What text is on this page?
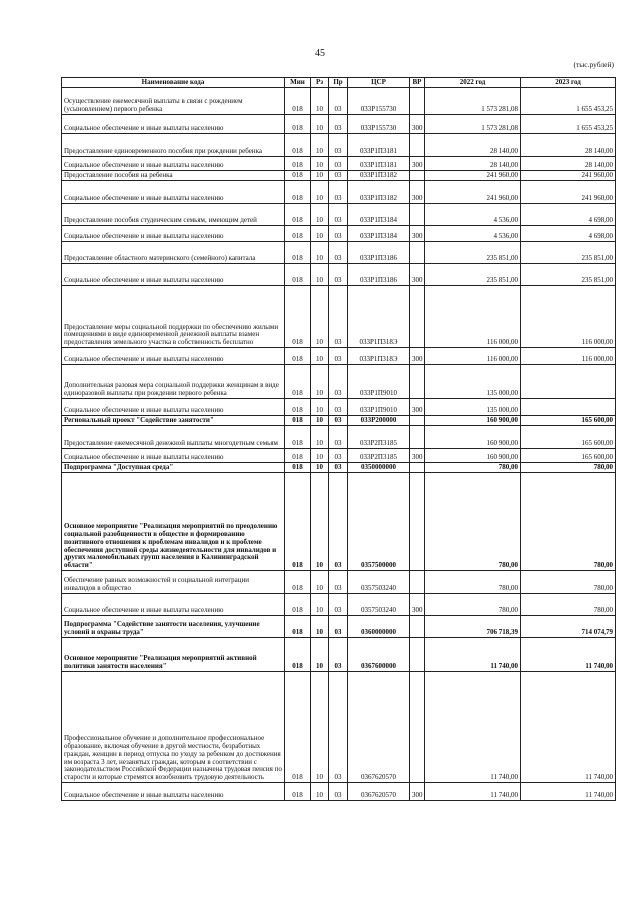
45
(тыс.рублей)
Наименование кода	Мин	Рз	Пр	ЦСР	ВР	2022 год	2023 год
Осуществление ежемесячной выплаты в связи с рождением (усыновлением) первого ребенка	018	10	03	033P155730		1 573 281,08	1 655 453,25
Социальное обеспечение и иные выплаты населению	018	10	03	033P155730	300	1 573 281,08	1 655 453,25
Предоставление единовременного пособия при рождении ребенка	018	10	03	033P1П3181		28 140,00	28 140,00
Социальное обеспечение и иные выплаты населению	018	10	03	033P1П3181	300	28 140,00	28 140,00
Предоставление пособия на ребенка	018	10	03	033P1П3182		241 960,00	241 960,00
Социальное обеспечение и иные выплаты населению	018	10	03	033P1П3182	300	241 960,00	241 960,00
Предоставление пособия студенческим семьям, имеющим детей	018	10	03	033P1П3184		4 536,00	4 698,00
Социальное обеспечение и иные выплаты населению	018	10	03	033P1П3184	300	4 536,00	4 698,00
Предоставление областного материнского (семейного) капитала	018	10	03	033P1П3186		235 851,00	235 851,00
Социальное обеспечение и иные выплаты населению	018	10	03	033P1П3186	300	235 851,00	235 851,00
Предоставление меры социальной поддержки по обеспечению жилыми помещениями в виде единовременной денежной выплаты взамен предоставления земельного участка в собственность бесплатно	018	10	03	033P1П318Э		116 000,00	116 000,00
Социальное обеспечение и иные выплаты населению	018	10	03	033P1П318Э	300	116 000,00	116 000,00
Дополнительная разовая мера социальной поддержки женщинам в виде единоразовой выплаты при рождении первого ребенка	018	10	03	033P1П9010		135 000,00	
Социальное обеспечение и иные выплаты населению	018	10	03	033P1П9010	300	135 000,00	
Региональный проект "Содействие занятости"	018	10	03	033P200000		160 900,00	165 600,00
Предоставление ежемесячной денежной выплаты многодетным семьям	018	10	03	033P2П3185		160 900,00	165 600,00
Социальное обеспечение и иные выплаты населению	018	10	03	033P2П3185	300	160 900,00	165 600,00
Подпрограмма "Доступная среда"	018	10	03	0350000000		780,00	780,00
Основное мероприятие "Реализация мероприятий по преодолению социальной разобщенности в обществе и формированию позитивного отношения к проблемам инвалидов и к проблеме обеспечения доступной среды жизнедеятельности для инвалидов и других маломобильных групп населения в Калининградской области"	018	10	03	0357500000		780,00	780,00
Обеспечение равных возможностей и социальной интеграции инвалидов в общество	018	10	03	0357503240		780,00	780,00
Социальное обеспечение и иные выплаты населению	018	10	03	0357503240	300	780,00	780,00
Подпрограмма "Содействие занятости населения, улучшение условий и охраны труда"	018	10	03	0360000000		706 718,39	714 074,79
Основное мероприятие "Реализация мероприятий активной политики занятости населения"	018	10	03	0367600000		11 740,00	11 740,00
Профессиональное обучение и дополнительное профессиональное образование, включая обучение в другой местности, безработных граждан, женщин в период отпуска по уходу за ребенком до достижения им возраста 3 лет, незанятых граждан, которым в соответствии с законодательством Российской Федерации назначена трудовая пенсия по старости и которые стремятся возобновить трудовую деятельность	018	10	03	0367620570		11 740,00	11 740,00
Социальное обеспечение и иные выплаты населению	018	10	03	0367620570	300	11 740,00	11 740,00
